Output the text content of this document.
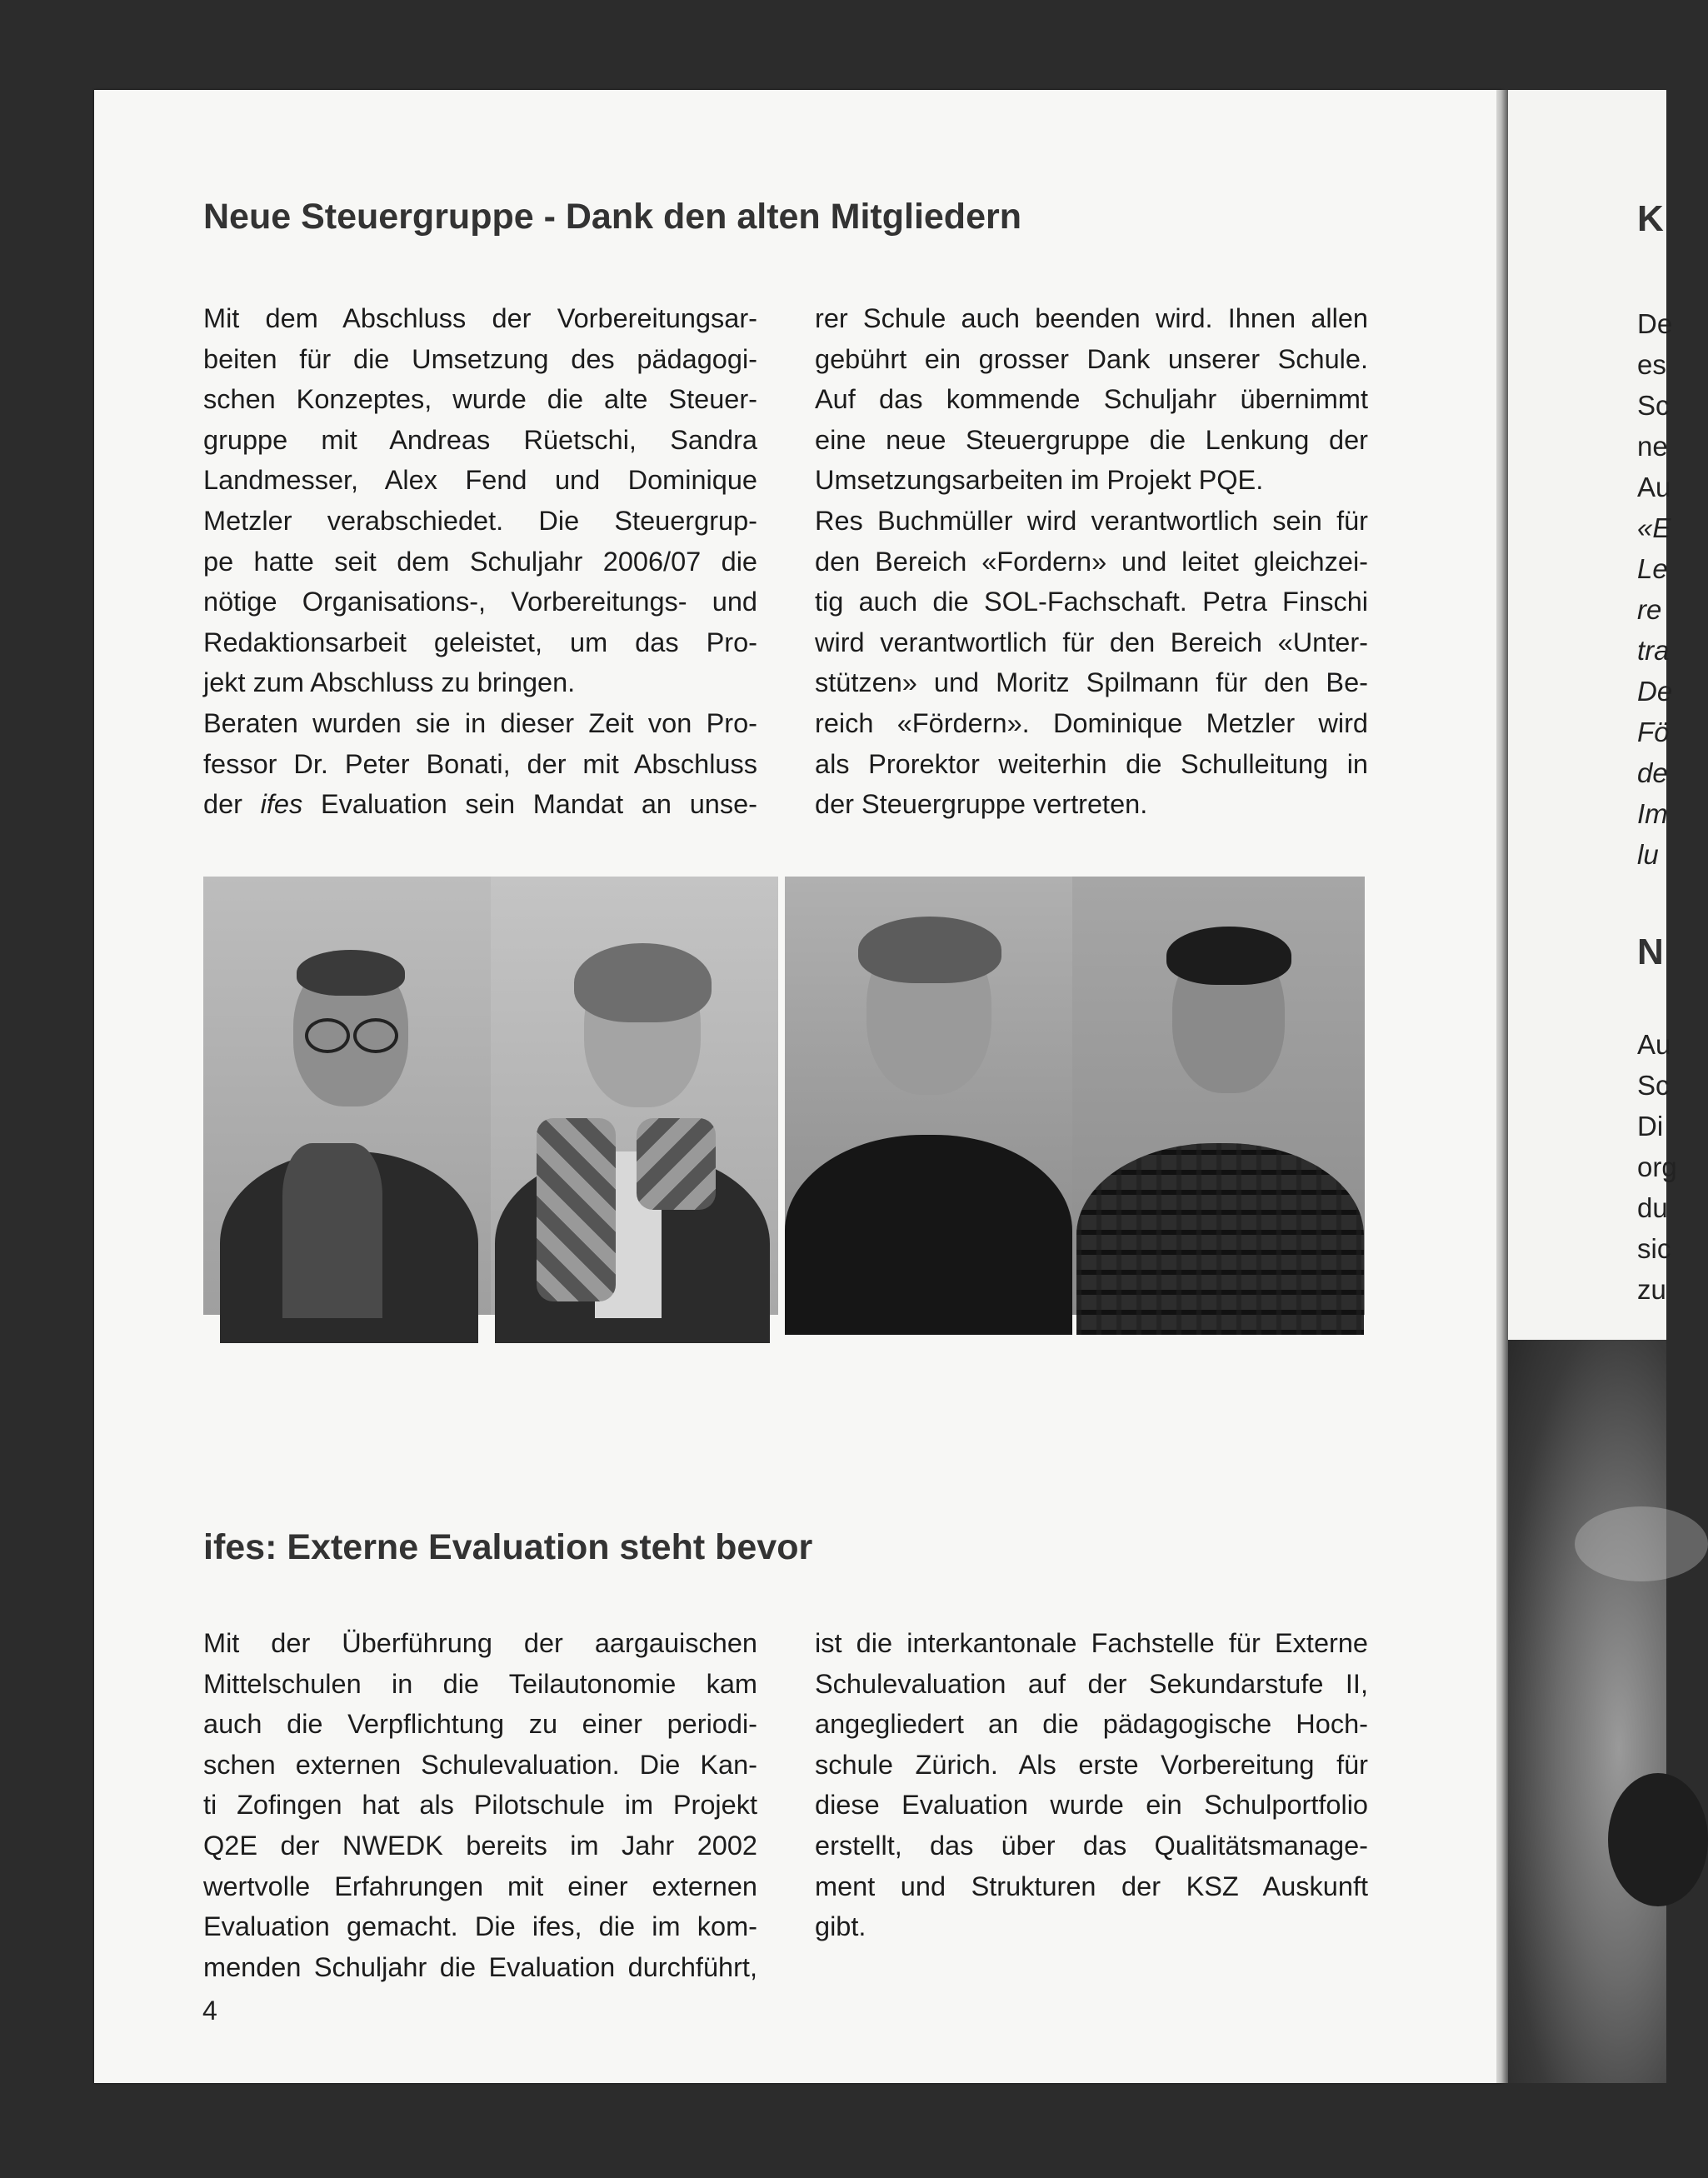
Neue Steuergruppe - Dank den alten Mitgliedern
Mit dem Abschluss der Vorbereitungsar-
beiten für die Umsetzung des pädagogi-
schen Konzeptes, wurde die alte Steuer-
gruppe mit Andreas Rüetschi, Sandra
Landmesser, Alex Fend und Dominique
Metzler verabschiedet. Die Steuergrup-
pe hatte seit dem Schuljahr 2006/07 die
nötige Organisations-, Vorbereitungs- und
Redaktionsarbeit geleistet, um das Pro-
jekt zum Abschluss zu bringen.
Beraten wurden sie in dieser Zeit von Pro-
fessor Dr. Peter Bonati, der mit Abschluss
der ifes Evaluation sein Mandat an unse-
rer Schule auch beenden wird. Ihnen allen
gebührt ein grosser Dank unserer Schule.
Auf das kommende Schuljahr übernimmt
eine neue Steuergruppe die Lenkung der
Umsetzungsarbeiten im Projekt PQE.
Res Buchmüller wird verantwortlich sein für
den Bereich «Fordern» und leitet gleichzei-
tig auch die SOL-Fachschaft. Petra Finschi
wird verantwortlich für den Bereich «Unter-
stützen» und Moritz Spilmann für den Be-
reich «Fördern». Dominique Metzler wird
als Prorektor weiterhin die Schulleitung in
der Steuergruppe vertreten.
ifes: Externe Evaluation steht bevor
Mit der Überführung der aargauischen
Mittelschulen in die Teilautonomie kam
auch die Verpflichtung zu einer periodi-
schen externen Schulevaluation. Die Kan-
ti Zofingen hat als Pilotschule im Projekt
Q2E der NWEDK bereits im Jahr 2002
wertvolle Erfahrungen mit einer externen
Evaluation gemacht. Die ifes, die im kom-
menden Schuljahr die Evaluation durchführt,
ist die interkantonale Fachstelle für Externe
Schulevaluation auf der Sekundarstufe II,
angegliedert an die pädagogische Hoch-
schule Zürich. Als erste Vorbereitung für
diese Evaluation wurde ein Schulportfolio
erstellt, das über das Qualitätsmanage-
ment und Strukturen der KSZ Auskunft
gibt.
4
K
De
es
Sc
ne
Au
«E
Le
re
tra
De
Fö
de
Im
lu
N
Au
Sc
Di
org
du
sic
zu
